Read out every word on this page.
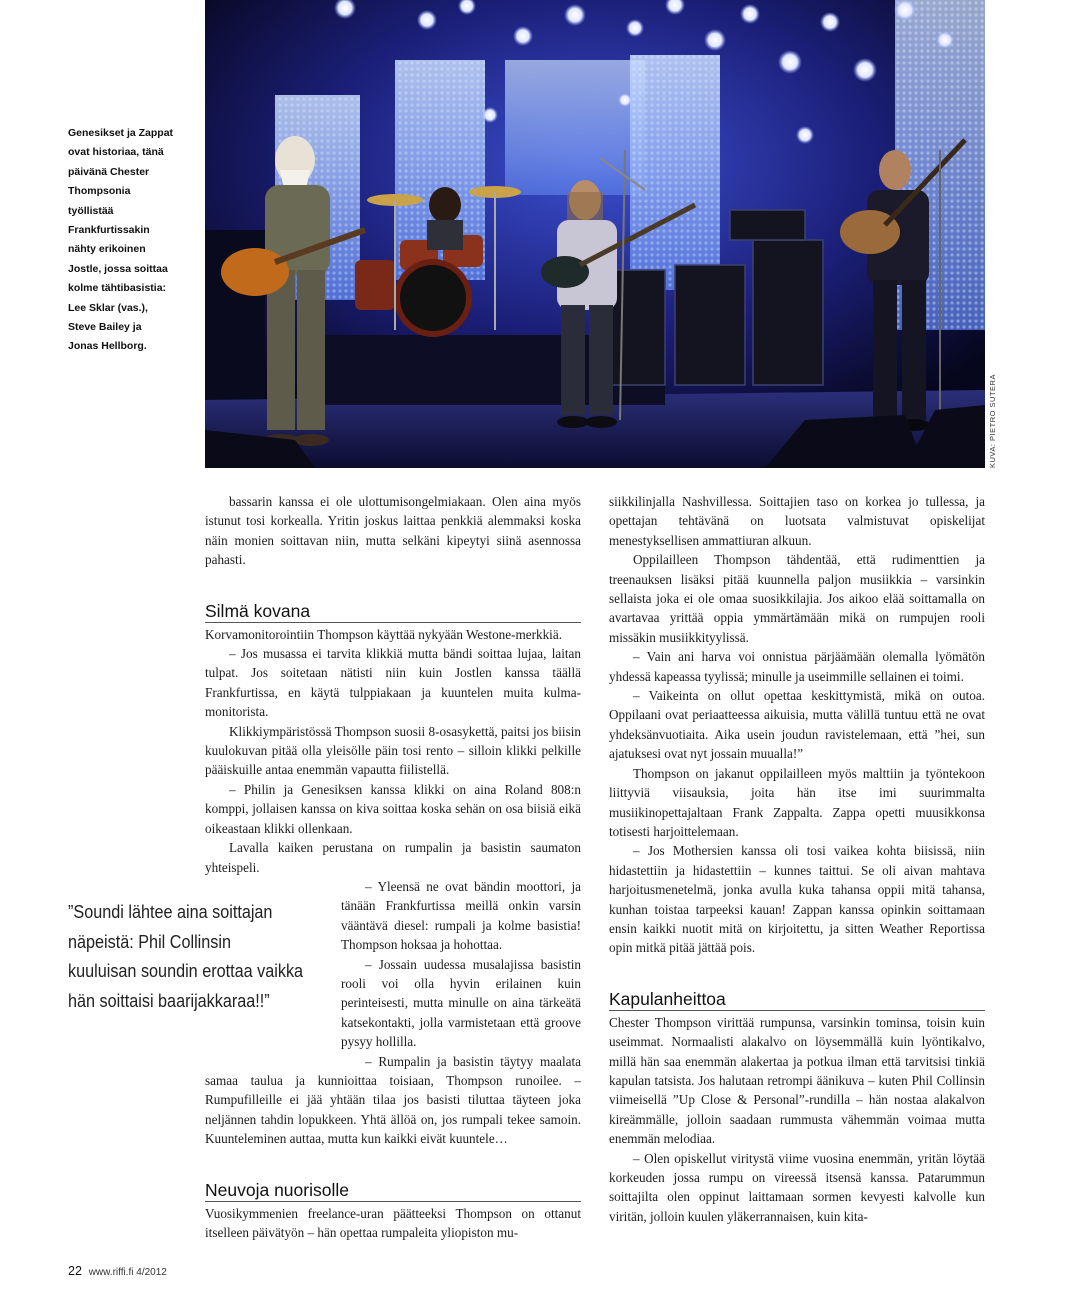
KUVA: PIETRO SUTERA
Genesikset ja Zappat
ovat historiaa, tänä
päivänä Chester
Thompsonia
työllistää
Frankfurtissakin
nähty erikoinen
Jostle, jossa soittaa
kolme tähtibasistia:
Lee Sklar (vas.),
Steve Bailey ja
Jonas Hellborg.

bassarin kanssa ei ole ulottumisongelmiakaan. Olen aina myös istunut tosi korkealla. Yritin joskus laittaa penkkiä alemmaksi koska näin monien soittavan niin, mutta selkäni kipeytyi siinä asennossa pahasti.

Silmä kovana

Korvamonitorointiin Thompson käyttää nykyään Westone-merkkiä.

– Jos musassa ei tarvita klikkiä mutta bändi soittaa lujaa, laitan tulpat. Jos soitetaan nätisti niin kuin Jostlen kanssa täällä Frankfurtissa, en käytä tulppiakaan ja kuuntelen muita kulma-monitorista.

Klikkiympäristössä Thompson suosii 8-osasykettä, paitsi jos biisin kuulokuvan pitää olla yleisölle päin tosi rento – silloin klikki pelkille pääiskuille antaa enemmän vapautta fiilistellä.

– Philin ja Genesiksen kanssa klikki on aina Roland 808:n komppi, jollaisen kanssa on kiva soittaa koska sehän on osa biisiä eikä oikeastaan klikki ollenkaan.

Lavalla kaiken perustana on rumpalin ja basistin saumaton yhteispeli.

– Yleensä ne ovat bändin moottori, ja tänään Frankfurtissa meillä onkin varsin vääntävä diesel: rumpali ja kolme basistia! Thompson hoksaa ja hohottaa.

– Jossain uudessa musalajissa basistin rooli voi olla hyvin erilainen kuin perinteisesti, mutta minulle on aina tärkeätä katsekontakti, jolla varmistetaan että groove pysyy hollilla.

– Rumpalin ja basistin täytyy maalata samaa taulua ja kunnioittaa toisiaan, Thompson runoilee. – Rumpufilleille ei jää yhtään tilaa jos basisti tiluttaa täyteen joka neljännen tahdin lopukkeen. Yhtä ällöä on, jos rumpali tekee samoin. Kuunteleminen auttaa, mutta kun kaikki eivät kuuntele…

Neuvoja nuorisolle

Vuosikymmenien freelance-uran päätteeksi Thompson on ottanut itselleen päivätyön – hän opettaa rumpaleita yliopiston mu-

”Soundi lähtee aina soittajan
näpeistä: Phil Collinsin
kuuluisan soundin erottaa vaikka
hän soittaisi baarijakkaraa!!”

siikkilinjalla Nashvillessa. Soittajien taso on korkea jo tullessa, ja opettajan tehtävänä on luotsata valmistuvat opiskelijat menestyksellisen ammattiuran alkuun.

Oppilailleen Thompson tähdentää, että rudimenttien ja treenauksen lisäksi pitää kuunnella paljon musiikkia – varsinkin sellaista joka ei ole omaa suosikkilajia. Jos aikoo elää soittamalla on avartavaa yrittää oppia ymmärtämään mikä on rumpujen rooli missäkin musiikkityylissä.

– Vain ani harva voi onnistua pärjäämään olemalla lyömätön yhdessä kapeassa tyylissä; minulle ja useimmille sellainen ei toimi.

– Vaikeinta on ollut opettaa keskittymistä, mikä on outoa. Oppilaani ovat periaatteessa aikuisia, mutta välillä tuntuu että ne ovat yhdeksänvuotiaita. Aika usein joudun ravistelemaan, että ”hei, sun ajatuksesi ovat nyt jossain muualla!”

Thompson on jakanut oppilailleen myös malttiin ja työntekoon liittyviä viisauksia, joita hän itse imi suurimmalta musiikinopettajaltaan Frank Zappalta. Zappa opetti muusikkonsa totisesti harjoittelemaan.

– Jos Mothersien kanssa oli tosi vaikea kohta biisissä, niin hidastettiin ja hidastettiin – kunnes taittui. Se oli aivan mahtava harjoitusmenetelmä, jonka avulla kuka tahansa oppii mitä tahansa, kunhan toistaa tarpeeksi kauan! Zappan kanssa opinkin soittamaan ensin kaikki nuotit mitä on kirjoitettu, ja sitten Weather Reportissa opin mitkä pitää jättää pois.

Kapulanheittoa

Chester Thompson virittää rumpunsa, varsinkin tominsa, toisin kuin useimmat. Normaalisti alakalvo on löysemmällä kuin lyöntikalvo, millä hän saa enemmän alakertaa ja potkua ilman että tarvitsisi tinkiä kapulan tatsista. Jos halutaan retrompi äänikuva – kuten Phil Collinsin viimeisellä ”Up Close & Personal”-rundilla – hän nostaa alakalvon kireämmälle, jolloin saadaan rummusta vähemmän voimaa mutta enemmän melodiaa.

– Olen opiskellut viritystä viime vuosina enemmän, yritän löytää korkeuden jossa rumpu on vireessä itsensä kanssa. Patarummun soittajilta olen oppinut laittamaan sormen kevyesti kalvolle kun viritän, jolloin kuulen yläkerrannaisen, kuin kita-

22 www.riffi.fi 4/2012
